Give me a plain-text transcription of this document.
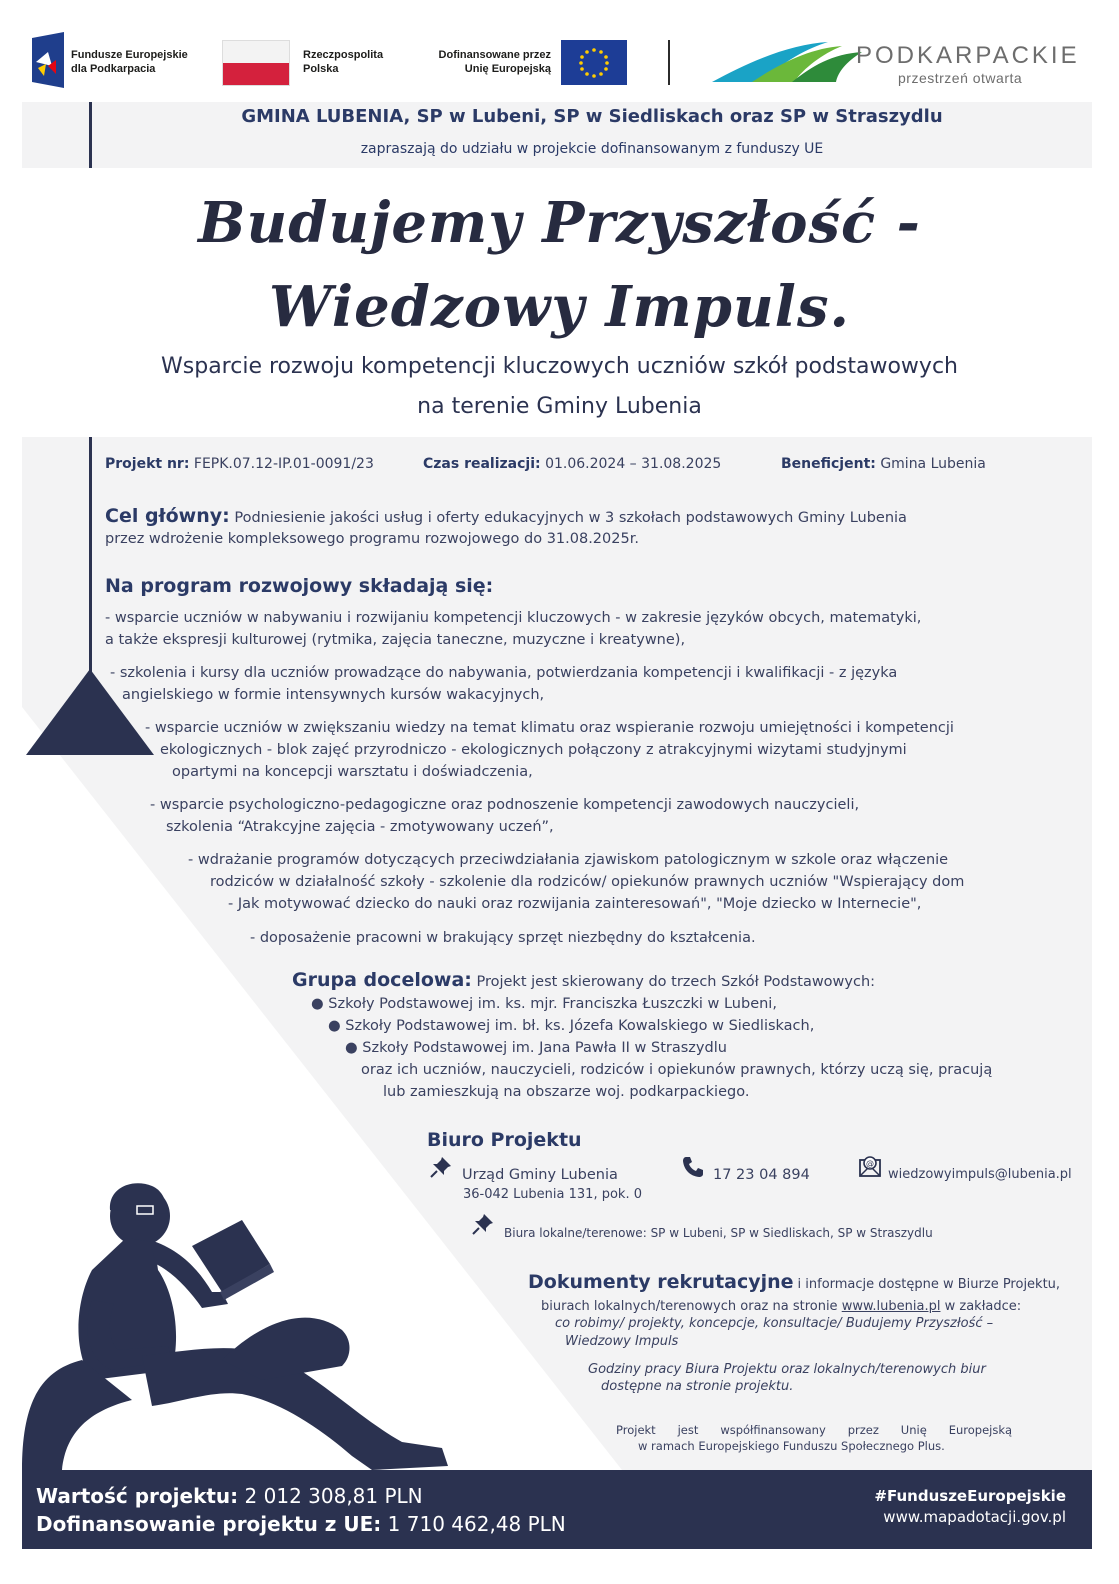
Fundusze Europejskie
dla Podkarpacia
Rzeczpospolita
Polska
Dofinansowane przez
Unię Europejską	PODKARPACKIE
przestrzeń otwarta
GMINA LUBENIA, SP w Lubeni, SP w Siedliskach oraz SP w Straszydlu
zapraszają do udziału w projekcie dofinansowanym z funduszy UE
Budujemy Przyszłość -
Wiedzowy Impuls.
Wsparcie rozwoju kompetencji kluczowych uczniów szkół podstawowych
na terenie Gminy Lubenia
Projekt nr: FEPK.07.12-IP.01-0091/23	Czas realizacji: 01.06.2024 – 31.08.2025	Beneficjent: Gmina Lubenia
Cel główny: Podniesienie jakości usług i oferty edukacyjnych w 3 szkołach podstawowych Gminy Lubenia
przez wdrożenie kompleksowego programu rozwojowego do 31.08.2025r.
Na program rozwojowy składają się:
- wsparcie uczniów w nabywaniu i rozwijaniu kompetencji kluczowych - w zakresie języków obcych, matematyki,
a także ekspresji kulturowej (rytmika, zajęcia taneczne, muzyczne i kreatywne),
- szkolenia i kursy dla uczniów prowadzące do nabywania, potwierdzania kompetencji i kwalifikacji - z języka
angielskiego w formie intensywnych kursów wakacyjnych,
- wsparcie uczniów w zwiększaniu wiedzy na temat klimatu oraz wspieranie rozwoju umiejętności i kompetencji
ekologicznych - blok zajęć przyrodniczo - ekologicznych połączony z atrakcyjnymi wizytami studyjnymi
opartymi na koncepcji warsztatu i doświadczenia,
- wsparcie psychologiczno-pedagogiczne oraz podnoszenie kompetencji zawodowych nauczycieli,
szkolenia “Atrakcyjne zajęcia - zmotywowany uczeń”,
- wdrażanie programów dotyczących przeciwdziałania zjawiskom patologicznym w szkole oraz włączenie
rodziców w działalność szkoły - szkolenie dla rodziców/ opiekunów prawnych uczniów "Wspierający dom
- Jak motywować dziecko do nauki oraz rozwijania zainteresowań", "Moje dziecko w Internecie",
- doposażenie pracowni w brakujący sprzęt niezbędny do kształcenia.
Grupa docelowa: Projekt jest skierowany do trzech Szkół Podstawowych:
● Szkoły Podstawowej im. ks. mjr. Franciszka Łuszczki w Lubeni,
● Szkoły Podstawowej im. bł. ks. Józefa Kowalskiego w Siedliskach,
● Szkoły Podstawowej im. Jana Pawła II w Straszydlu
oraz ich uczniów, nauczycieli, rodziców i opiekunów prawnych, którzy uczą się, pracują
lub zamieszkują na obszarze woj. podkarpackiego.
Biuro Projektu
Urząd Gminy Lubenia
36-042 Lubenia 131, pok. 0
17 23 04 894
@
wiedzowyimpuls@lubenia.pl
Biura lokalne/terenowe: SP w Lubeni, SP w Siedliskach, SP w Straszydlu
Dokumenty rekrutacyjne i informacje dostępne w Biurze Projektu,
biurach lokalnych/terenowych oraz na stronie www.lubenia.pl w zakładce:
co robimy/ projekty, koncepcje, konsultacje/ Budujemy Przyszłość –
Wiedzowy Impuls
Godziny pracy Biura Projektu oraz lokalnych/terenowych biur
dostępne na stronie projektu.
Projekt      jest      współfinansowany      przez      Unię      Europejską
w ramach Europejskiego Funduszu Społecznego Plus.
Wartość projektu: 2 012 308,81 PLN
Dofinansowanie projektu z UE: 1 710 462,48 PLN
#FunduszeEuropejskie
www.mapadotacji.gov.pl
